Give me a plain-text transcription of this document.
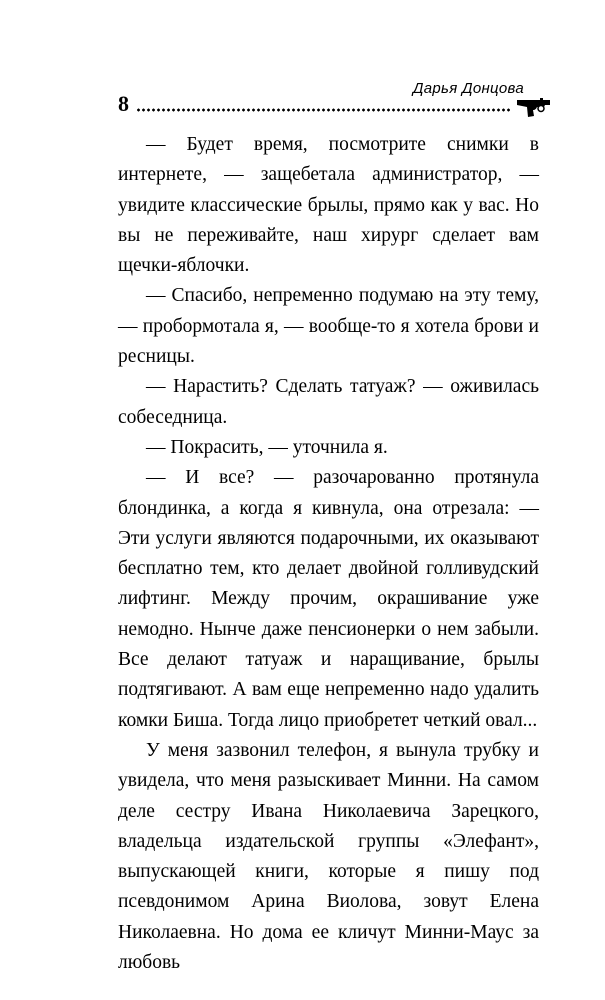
8
Дарья Донцова

— Будет время, посмотрите снимки в интернете, — защебетала администратор, — увидите классические брылы, прямо как у вас. Но вы не переживайте, наш хирург сделает вам щечки-яблочки.

— Спасибо, непременно подумаю на эту тему, — пробормотала я, — вообще-то я хотела брови и ресницы.

— Нарастить? Сделать татуаж? — оживилась собеседница.

— Покрасить, — уточнила я.

— И все? — разочарованно протянула блондинка, а когда я кивнула, она отрезала: — Эти услуги являются подарочными, их оказывают бесплатно тем, кто делает двойной голливудский лифтинг. Между прочим, окрашивание уже немодно. Нынче даже пенсионерки о нем забыли. Все делают татуаж и наращивание, брылы подтягивают. А вам еще непременно надо удалить комки Биша. Тогда лицо приобретет четкий овал...

У меня зазвонил телефон, я вынула трубку и увидела, что меня разыскивает Минни. На самом деле сестру Ивана Николаевича Зарецкого, владельца издательской группы «Элефант», выпускающей книги, которые я пишу под псевдонимом Арина Виолова, зовут Елена Николаевна. Но дома ее кличут Минни-Маус за любовь
